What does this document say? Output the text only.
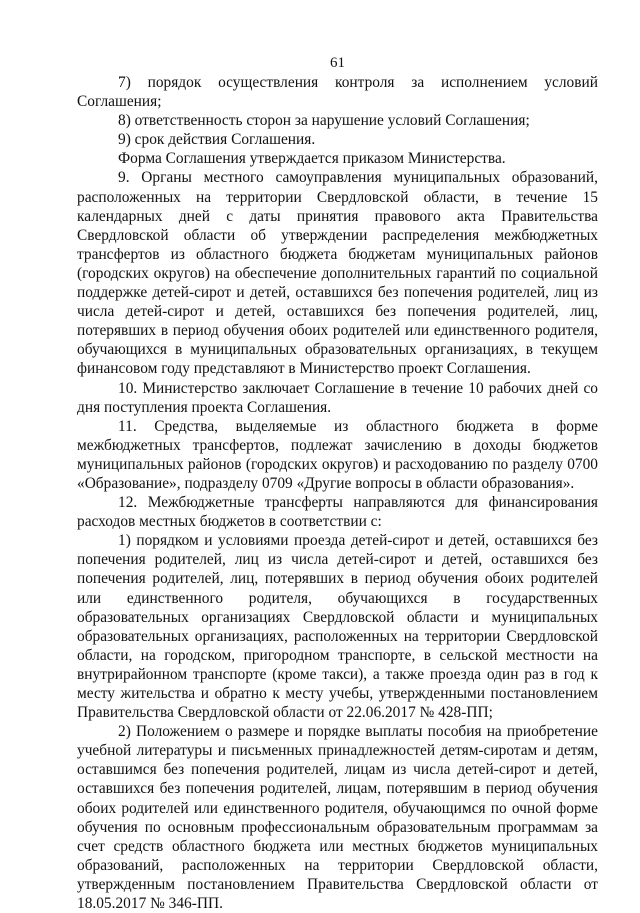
61

7) порядок осуществления контроля за исполнением условий Соглашения;

8) ответственность сторон за нарушение условий Соглашения;

9) срок действия Соглашения.

Форма Соглашения утверждается приказом Министерства.

9. Органы местного самоуправления муниципальных образований, расположенных на территории Свердловской области, в течение 15 календарных дней с даты принятия правового акта Правительства Свердловской области об утверждении распределения межбюджетных трансфертов из областного бюджета бюджетам муниципальных районов (городских округов) на обеспечение дополнительных гарантий по социальной поддержке детей-сирот и детей, оставшихся без попечения родителей, лиц из числа детей-сирот и детей, оставшихся без попечения родителей, лиц, потерявших в период обучения обоих родителей или единственного родителя, обучающихся в муниципальных образовательных организациях, в текущем финансовом году представляют в Министерство проект Соглашения.

10. Министерство заключает Соглашение в течение 10 рабочих дней со дня поступления проекта Соглашения.

11. Средства, выделяемые из областного бюджета в форме межбюджетных трансфертов, подлежат зачислению в доходы бюджетов муниципальных районов (городских округов) и расходованию по разделу 0700 «Образование», подразделу 0709 «Другие вопросы в области образования».

12. Межбюджетные трансферты направляются для финансирования расходов местных бюджетов в соответствии с:

1) порядком и условиями проезда детей-сирот и детей, оставшихся без попечения родителей, лиц из числа детей-сирот и детей, оставшихся без попечения родителей, лиц, потерявших в период обучения обоих родителей или единственного родителя, обучающихся в государственных образовательных организациях Свердловской области и муниципальных образовательных организациях, расположенных на территории Свердловской области, на городском, пригородном транспорте, в сельской местности на внутрирайонном транспорте (кроме такси), а также проезда один раз в год к месту жительства и обратно к месту учебы, утвержденными постановлением Правительства Свердловской области от 22.06.2017 № 428-ПП;

2) Положением о размере и порядке выплаты пособия на приобретение учебной литературы и письменных принадлежностей детям-сиротам и детям, оставшимся без попечения родителей, лицам из числа детей-сирот и детей, оставшихся без попечения родителей, лицам, потерявшим в период обучения обоих родителей или единственного родителя, обучающимся по очной форме обучения по основным профессиональным образовательным программам за счет средств областного бюджета или местных бюджетов муниципальных образований, расположенных на территории Свердловской области, утвержденным постановлением Правительства Свердловской области от 18.05.2017 № 346-ПП.
